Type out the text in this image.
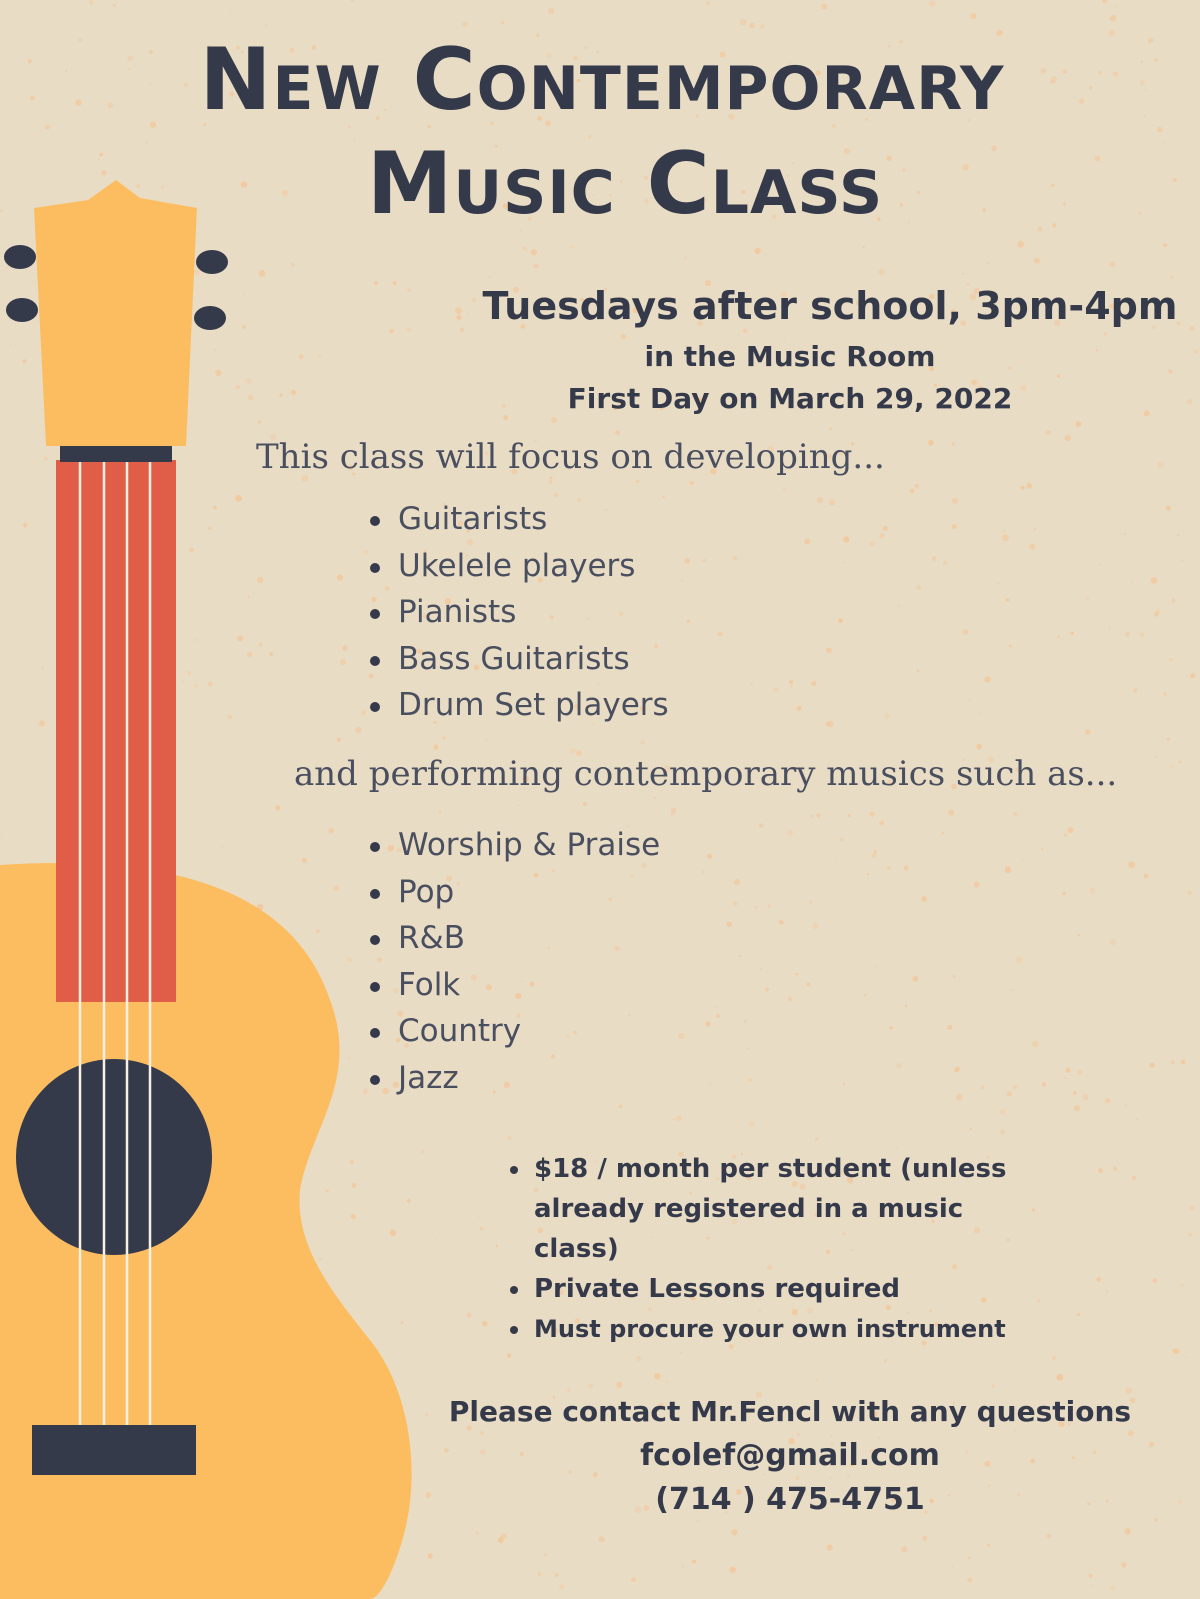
New Contemporary
Music Class
Tuesdays after school, 3pm-4pm
in the Music Room
First Day on March 29, 2022

This class will focus on developing...

Guitarists
Ukelele players
Pianists
Bass Guitarists
Drum Set players

and performing contemporary musics such as...

Worship & Praise
Pop
R&B
Folk
Country
Jazz
$18 / month per student (unless already registered in a music class)
Private Lessons required
Must procure your own instrument
Please contact Mr.Fencl with any questions
fcolef@gmail.com
(714 ) 475-4751
